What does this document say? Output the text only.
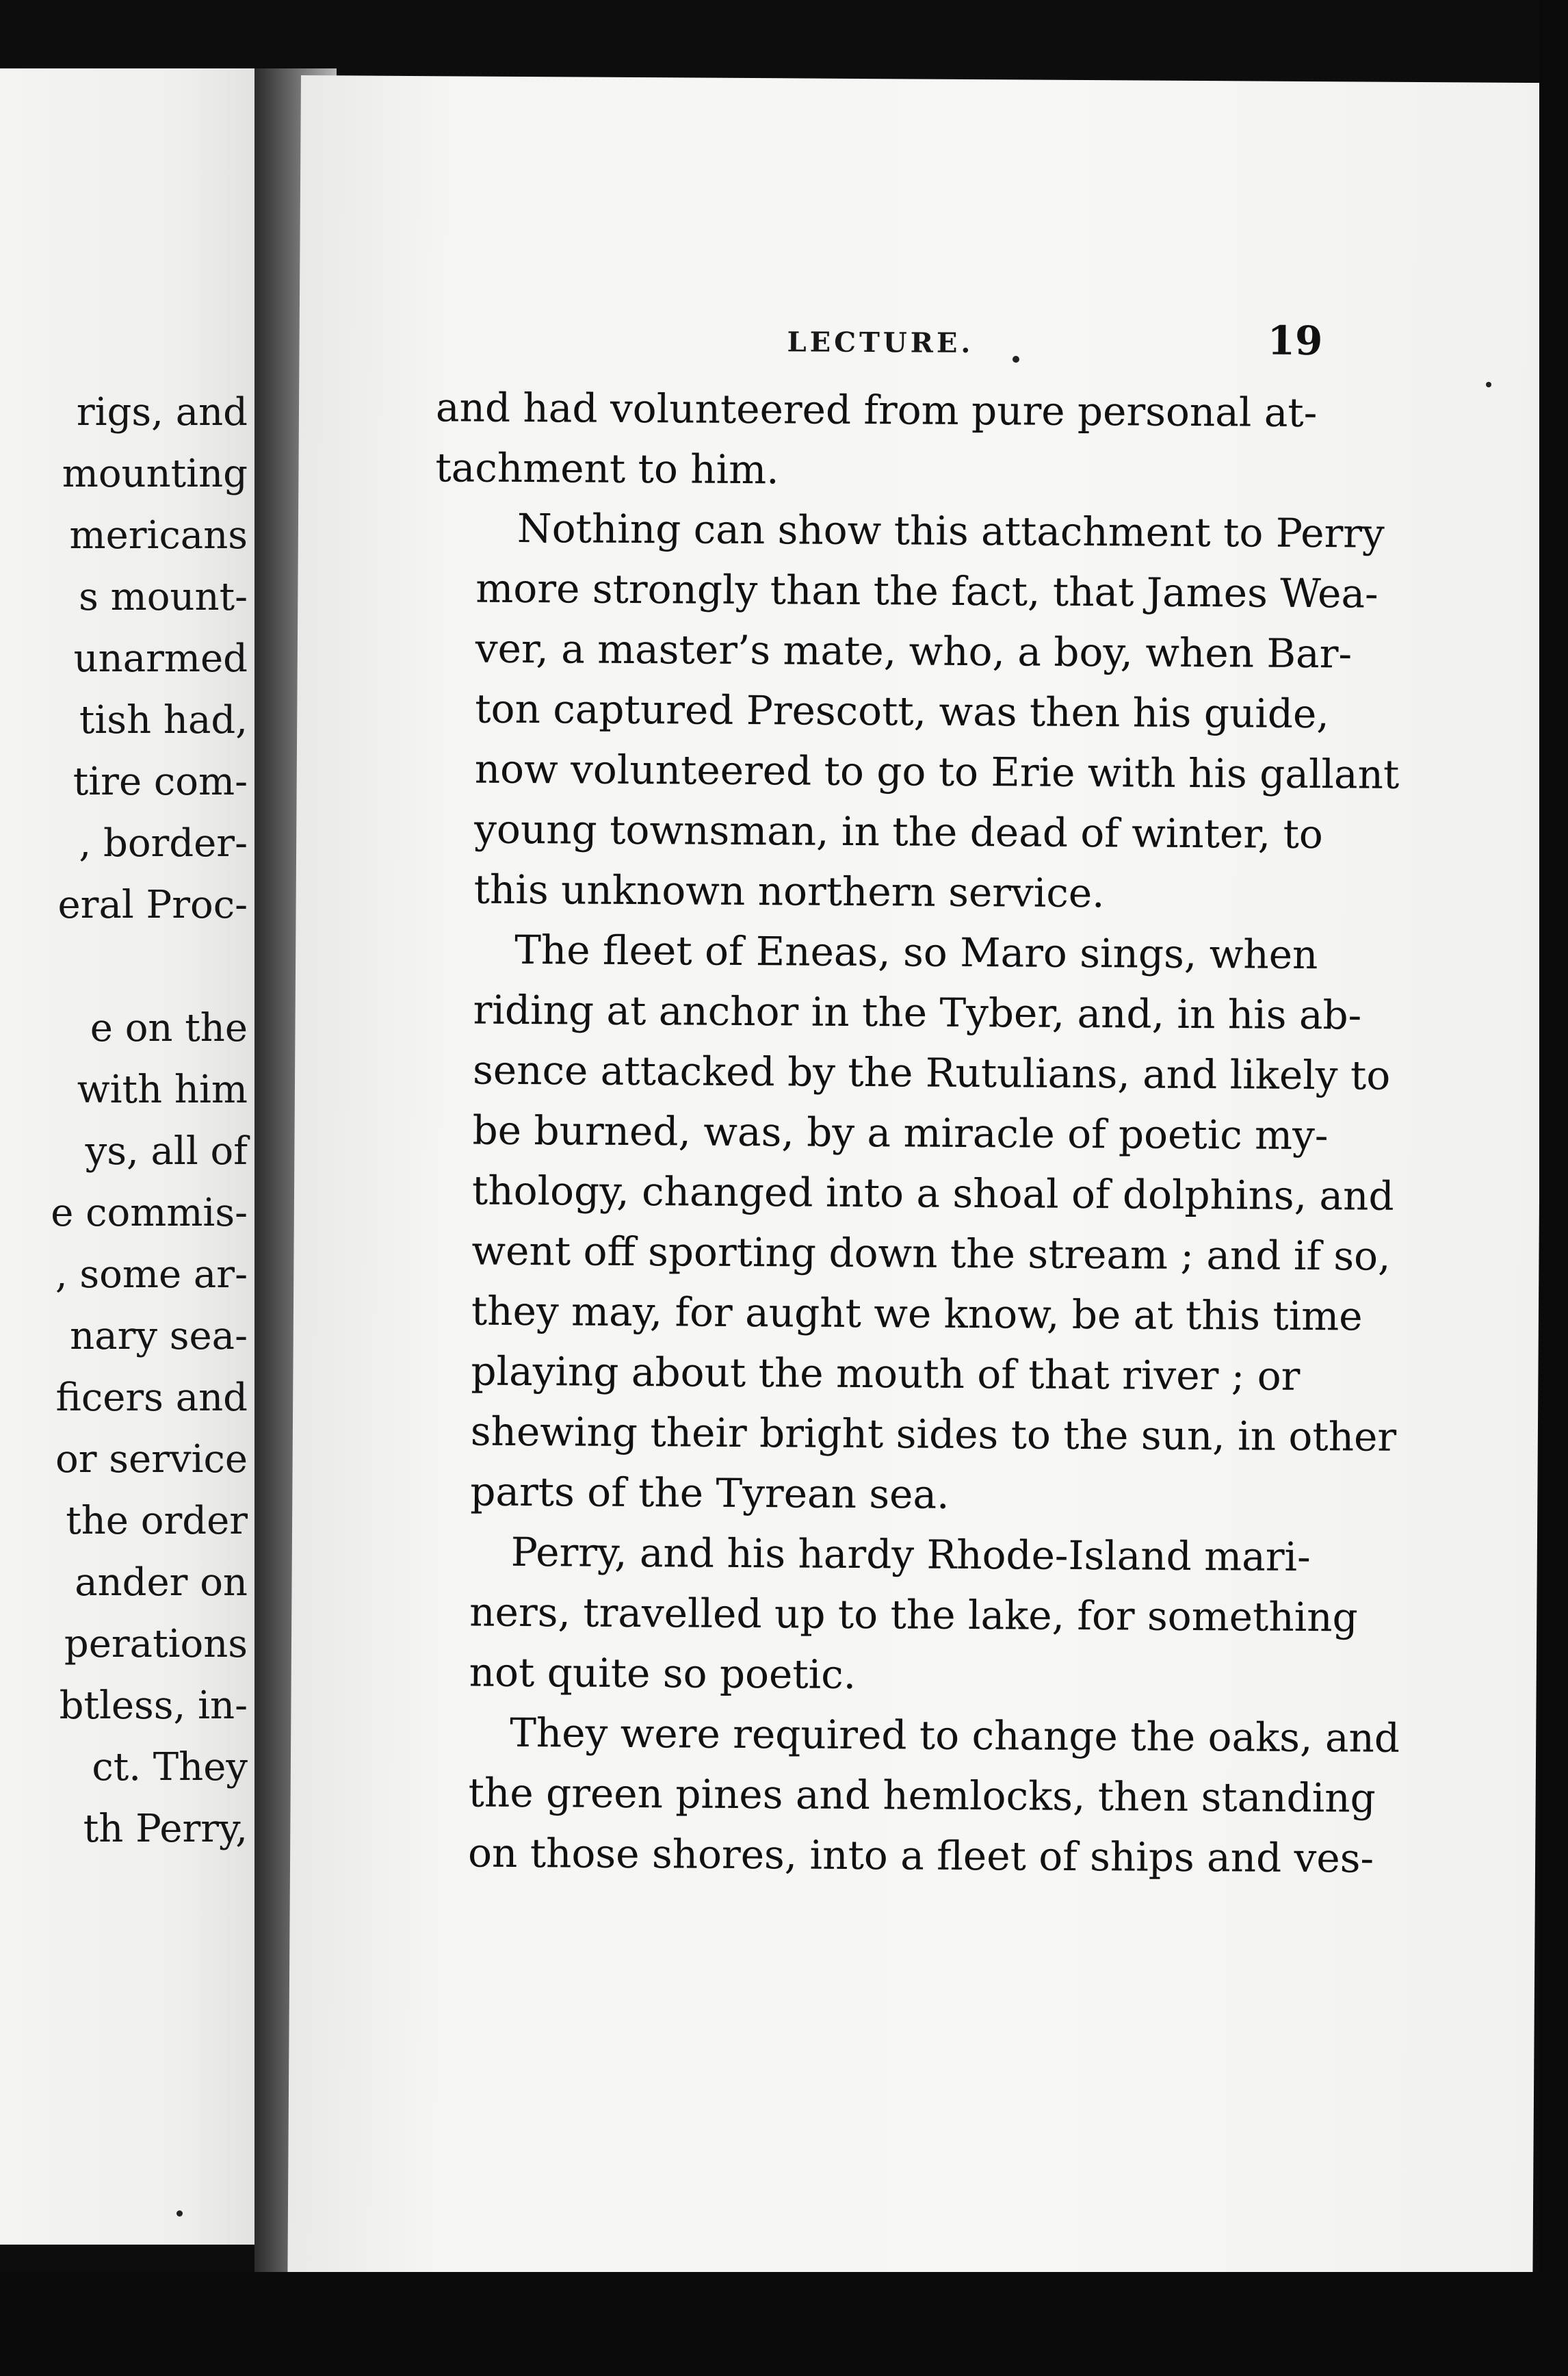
rigs, and
mounting
mericans
s mount-
unarmed
tish had,
tire com-
, border-
eral Proc-
e on the
with him
ys, all of
e commis-
, some ar-
nary sea-
ficers and
or service
the order
ander on
perations
btless, in-
ct. They
th Perry,
LECTURE.	19
and had volunteered from pure personal at-
tachment to him.
Nothing can show this attachment to Perry
more strongly than the fact, that James Wea-
ver, a master’s mate, who, a boy, when Bar-
ton captured Prescott, was then his guide,
now volunteered to go to Erie with his gallant
young townsman, in the dead of winter, to
this unknown northern service.
The fleet of Eneas, so Maro sings, when
riding at anchor in the Tyber, and, in his ab-
sence attacked by the Rutulians, and likely to
be burned, was, by a miracle of poetic my-
thology, changed into a shoal of dolphins, and
went off sporting down the stream ; and if so,
they may, for aught we know, be at this time
playing about the mouth of that river ; or
shewing their bright sides to the sun, in other
parts of the Tyrean sea.
Perry, and his hardy Rhode-Island mari-
ners, travelled up to the lake, for something
not quite so poetic.
They were required to change the oaks, and
the green pines and hemlocks, then standing
on those shores, into a fleet of ships and ves-
